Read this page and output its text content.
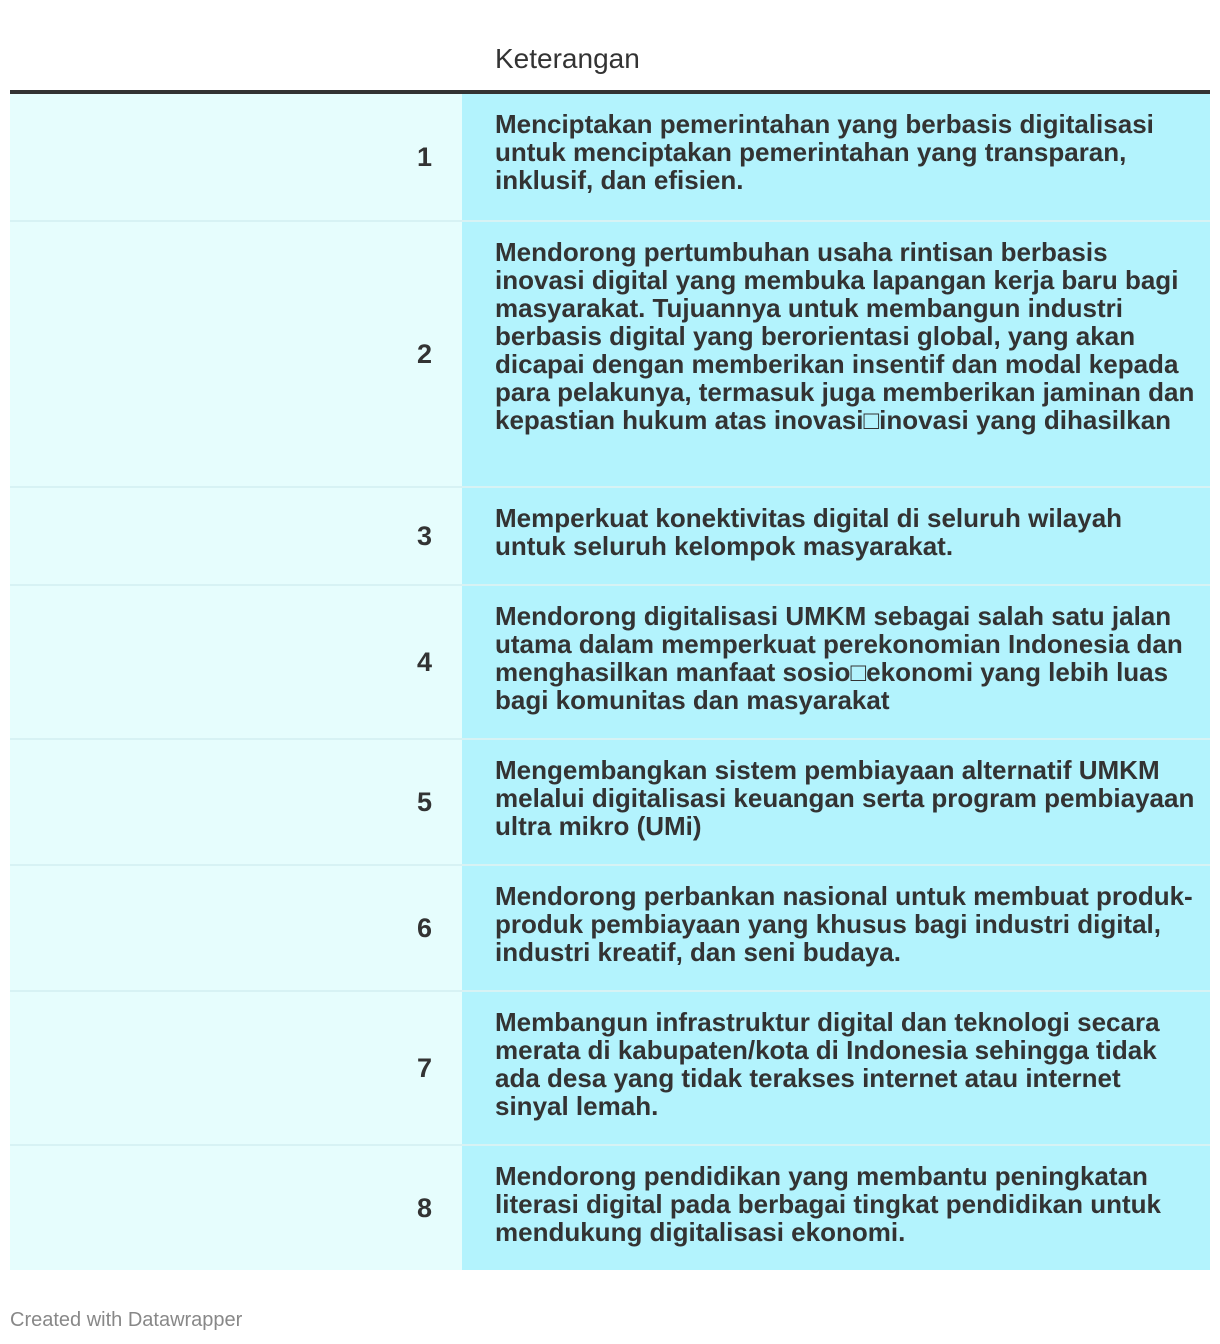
Keterangan
1
Menciptakan pemerintahan yang berbasis digitalisasi untuk menciptakan pemerintahan yang transparan, inklusif, dan efisien.
2
Mendorong pertumbuhan usaha rintisan berbasis inovasi digital yang membuka lapangan kerja baru bagi masyarakat. Tujuannya untuk membangun industri berbasis digital yang berorientasi global, yang akan dicapai dengan memberikan insentif dan modal kepada para pelakunya, termasuk juga memberikan jaminan dan kepastian hukum atas inovasi□inovasi yang dihasilkan
3
Memperkuat konektivitas digital di seluruh wilayah untuk seluruh kelompok masyarakat.
4
Mendorong digitalisasi UMKM sebagai salah satu jalan utama dalam memperkuat perekonomian Indonesia dan menghasilkan manfaat sosio□ekonomi yang lebih luas bagi komunitas dan masyarakat
5
Mengembangkan sistem pembiayaan alternatif UMKM melalui digitalisasi keuangan serta program pembiayaan ultra mikro (UMi)
6
Mendorong perbankan nasional untuk membuat produk-produk pembiayaan yang khusus bagi industri digital, industri kreatif, dan seni budaya.
7
Membangun infrastruktur digital dan teknologi secara merata di kabupaten/kota di Indonesia sehingga tidak ada desa yang tidak terakses internet atau internet sinyal lemah.
8
Mendorong pendidikan yang membantu peningkatan literasi digital pada berbagai tingkat pendidikan untuk mendukung digitalisasi ekonomi.
Created with Datawrapper
